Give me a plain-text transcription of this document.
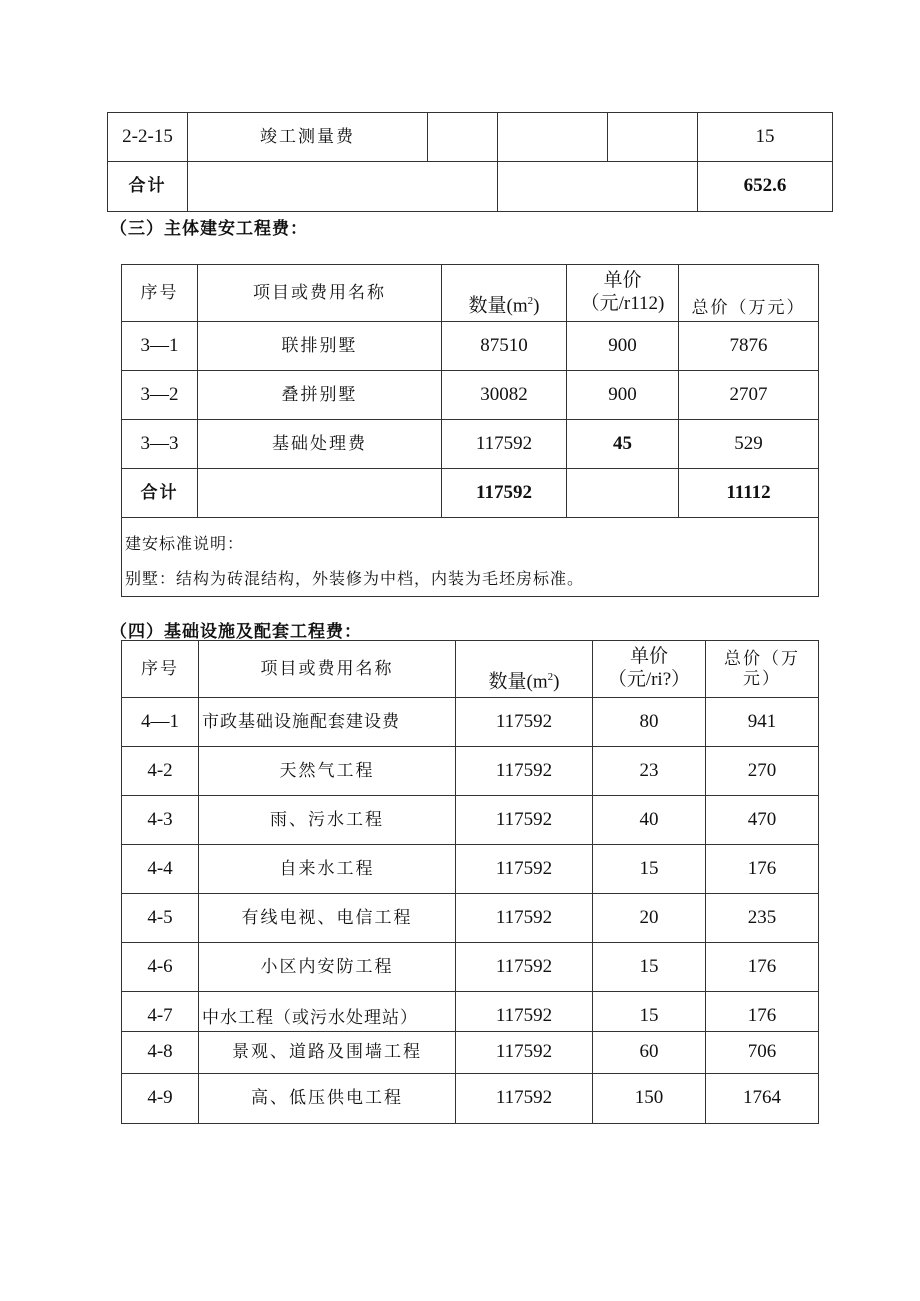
2-2-15	竣工测量费				15
合计					652.6
（三）主体建安工程费：
序号	项目或费用名称	数量$(m^2)$	单价（元/r112)	总价（万元）
3—1	联排别墅	87510	900	7876
3—2	叠拼别墅	30082	900	2707
3—3	基础处理费	117592	45	529
合计		117592		11112

建安标准说明：
别墅：结构为砖混结构，外装修为中档，内装为毛坯房标准。				
（四）基础设施及配套工程费：
序号	项目或费用名称	数量$(m^2)$	单价（元/ri?）	总价（万元）
4—1	市政基础设施配套建设费	117592	80	941
4-2	天然气工程	117592	23	270
4-3	雨、污水工程	117592	40	470
4-4	自来水工程	117592	15	176
4-5	有线电视、电信工程	117592	20	235
4-6	小区内安防工程	117592	15	176
4-7	中水工程（或污水处理站）	117592	15	176
4-8	景观、道路及围墙工程	117592	60	706
4-9	高、低压供电工程	117592	150	1764
